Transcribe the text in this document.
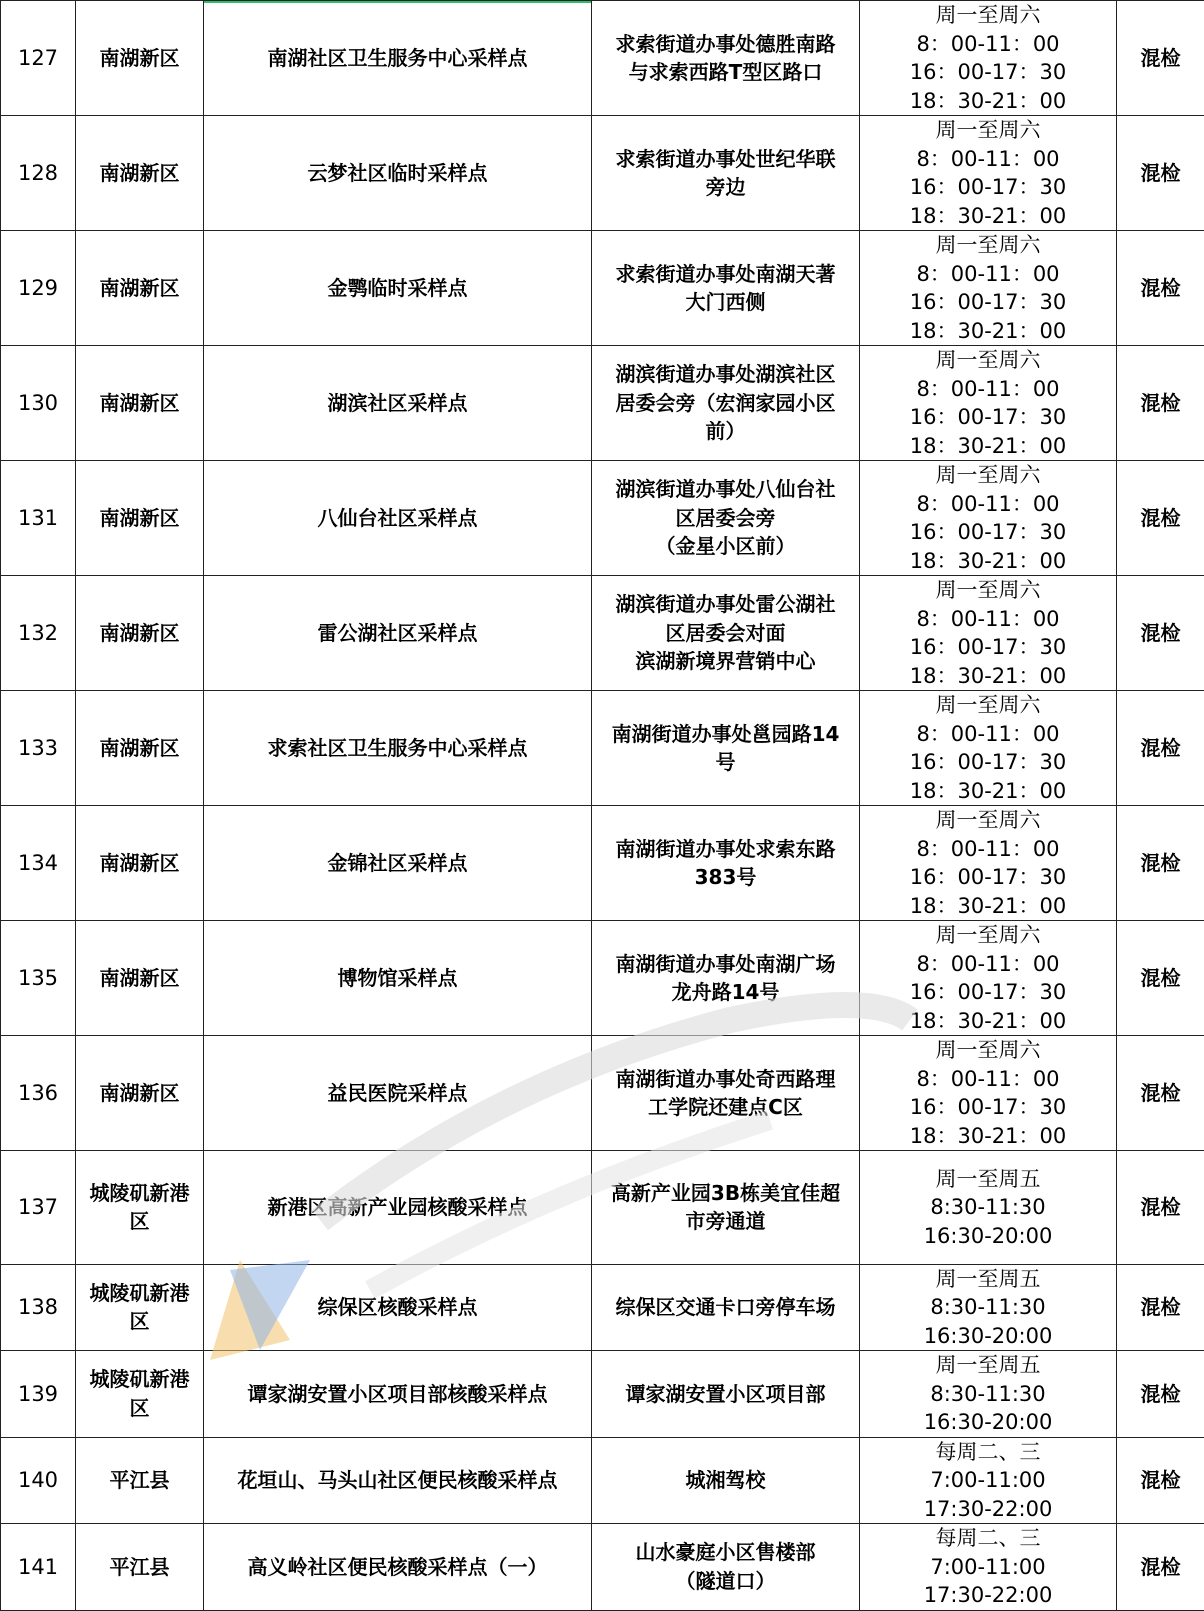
127	南湖新区	南湖社区卫生服务中心采样点	求索街道办事处德胜南路
与求索西路T型区路口	周一至周六
8：00-11：00
16：00-17：30
18：30-21：00	混检
128	南湖新区	云梦社区临时采样点	求索街道办事处世纪华联
旁边	周一至周六
8：00-11：00
16：00-17：30
18：30-21：00	混检
129	南湖新区	金鹗临时采样点	求索街道办事处南湖天著
大门西侧	周一至周六
8：00-11：00
16：00-17：30
18：30-21：00	混检
130	南湖新区	湖滨社区采样点	湖滨街道办事处湖滨社区
居委会旁（宏润家园小区
前）	周一至周六
8：00-11：00
16：00-17：30
18：30-21：00	混检
131	南湖新区	八仙台社区采样点	湖滨街道办事处八仙台社
区居委会旁
（金星小区前）	周一至周六
8：00-11：00
16：00-17：30
18：30-21：00	混检
132	南湖新区	雷公湖社区采样点	湖滨街道办事处雷公湖社
区居委会对面
滨湖新境界营销中心	周一至周六
8：00-11：00
16：00-17：30
18：30-21：00	混检
133	南湖新区	求索社区卫生服务中心采样点	南湖街道办事处邕园路14
号	周一至周六
8：00-11：00
16：00-17：30
18：30-21：00	混检
134	南湖新区	金锦社区采样点	南湖街道办事处求索东路
383号	周一至周六
8：00-11：00
16：00-17：30
18：30-21：00	混检
135	南湖新区	博物馆采样点	南湖街道办事处南湖广场
龙舟路14号	周一至周六
8：00-11：00
16：00-17：30
18：30-21：00	混检
136	南湖新区	益民医院采样点	南湖街道办事处奇西路理
工学院还建点C区	周一至周六
8：00-11：00
16：00-17：30
18：30-21：00	混检
137	城陵矶新港区	新港区高新产业园核酸采样点	高新产业园3B栋美宜佳超
市旁通道	周一至周五
8:30-11:30
16:30-20:00	混检
138	城陵矶新港区	综保区核酸采样点	综保区交通卡口旁停车场	周一至周五
8:30-11:30
16:30-20:00	混检
139	城陵矶新港区	谭家湖安置小区项目部核酸采样点	谭家湖安置小区项目部	周一至周五
8:30-11:30
16:30-20:00	混检
140	平江县	花垣山、马头山社区便民核酸采样点	城湘驾校	每周二、三
7:00-11:00
17:30-22:00	混检
141	平江县	高义岭社区便民核酸采样点（一）	山水豪庭小区售楼部
（隧道口）	每周二、三
7:00-11:00
17:30-22:00	混检
